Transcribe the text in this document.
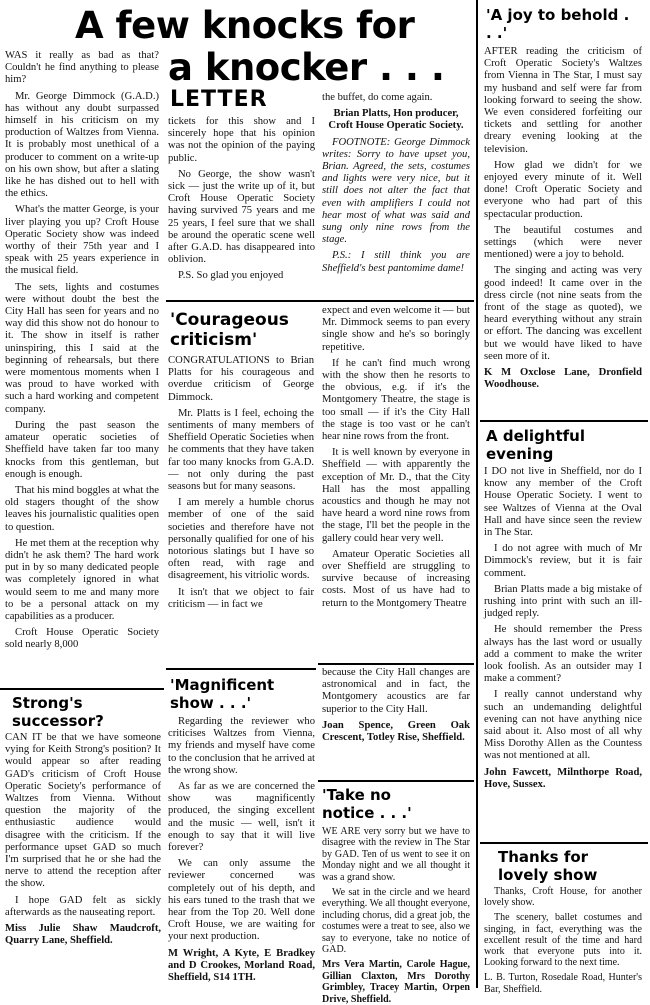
A few knocks for
a knocker . . .
LETTER

WAS it really as bad as that? Couldn't he find anything to please him?

Mr. George Dimmock (G.A.D.) has without any doubt surpassed himself in his criticism on my production of Waltzes from Vienna. It is probably most unethical of a producer to comment on a write-up on his own show, but after a slating like he has dished out to hell with the ethics.

What's the matter George, is your liver playing you up? Croft House Operatic Society show was indeed worthy of their 75th year and I speak with 25 years experience in the musical field.

The sets, lights and costumes were without doubt the best the City Hall has seen for years and no way did this show not do honour to it. The show in itself is rather uninspiring, this I said at the beginning of rehearsals, but there were momentous moments when I was proud to have worked with such a hard working and competent company.

During the past season the amateur operatic societies of Sheffield have taken far too many knocks from this gentleman, but enough is enough.

That his mind boggles at what the old stagers thought of the show leaves his journalistic qualities open to question.

He met them at the reception why didn't he ask them? The hard work put in by so many dedicated people was completely ignored in what would seem to me and many more to be a personal attack on my capabilities as a producer.

Croft House Operatic Society sold nearly 8,000

tickets for this show and I sincerely hope that his opinion was not the opinion of the paying public.

No George, the show wasn't sick — just the write up of it, but Croft House Operatic Society having survived 75 years and me 25 years, I feel sure that we shall be around the operatic scene well after G.A.D. has disappeared into oblivion.

P.S. So glad you enjoyed

the buffet, do come again.

Brian Platts, Hon producer, Croft House Operatic Society.

FOOTNOTE: George Dimmock writes: Sorry to have upset you, Brian. Agreed, the sets, costumes and lights were very nice, but it still does not alter the fact that even with amplifiers I could not hear most of what was said and sung only nine rows from the stage.

P.S.: I still think you are Sheffield's best pantomime dame!

'Courageous criticism'

CONGRATULATIONS to Brian Platts for his courageous and overdue criticism of George Dimmock.

Mr. Platts is I feel, echoing the sentiments of many members of Sheffield Operatic Societies when he comments that they have taken far too many knocks from G.A.D. — not only during the past seasons but for many seasons.

I am merely a humble chorus member of one of the said societies and therefore have not personally qualified for one of his notorious slatings but I have so often read, with rage and disagreement, his vitriolic words.

It isn't that we object to fair criticism — in fact we

expect and even welcome it — but Mr. Dimmock seems to pan every single show and he's so boringly repetitive.

If he can't find much wrong with the show then he resorts to the obvious, e.g. if it's the Montgomery Theatre, the stage is too small — if it's the City Hall the stage is too vast or he can't hear nine rows from the front.

It is well known by everyone in Sheffield — with apparently the exception of Mr. D., that the City Hall has the most appalling acoustics and though he may not have heard a word nine rows from the stage, I'll bet the people in the gallery could hear very well.

Amateur Operatic Societies all over Sheffield are struggling to survive because of increasing costs. Most of us have had to return to the Montgomery Theatre

because the City Hall changes are astronomical and in fact, the Montgomery acoustics are far superior to the City Hall.

Joan Spence, Green Oak Crescent, Totley Rise, Sheffield.

Strong's successor?

CAN IT be that we have someone vying for Keith Strong's position? It would appear so after reading GAD's criticism of Croft House Operatic Society's performance of Waltzes from Vienna. Without question the majority of the enthusiastic audience would disagree with the criticism. If the performance upset GAD so much I'm surprised that he or she had the nerve to attend the reception after the show.

I hope GAD felt as sickly afterwards as the nauseating report.

Miss Julie Shaw Maudcroft, Quarry Lane, Sheffield.

'Magnificent show . . .'

Regarding the reviewer who criticises Waltzes from Vienna, my friends and myself have come to the conclusion that he arrived at the wrong show.

As far as we are concerned the show was magnificently produced, the singing excellent and the music — well, isn't it enough to say that it will live forever?

We can only assume the reviewer concerned was completely out of his depth, and his ears tuned to the trash that we hear from the Top 20. Well done Croft House, we are waiting for your next production.

M Wright, A Kyte, E Bradkey and D Crookes, Morland Road, Sheffield, S14 1TH.

'Take no notice . . .'

WE ARE very sorry but we have to disagree with the review in The Star by GAD. Ten of us went to see it on Monday night and we all thought it was a grand show.

We sat in the circle and we heard everything. We all thought everyone, including chorus, did a great job, the costumes were a treat to see, also we say to everyone, take no notice of GAD.

Mrs Vera Martin, Carole Hague, Gillian Claxton, Mrs Dorothy Grimbley, Tracey Martin, Orpen Drive, Sheffield.

'A joy to behold . . .'

AFTER reading the criticism of Croft Operatic Society's Waltzes from Vienna in The Star, I must say my husband and self were far from looking forward to seeing the show. We even considered forfeiting our tickets and settling for another dreary evening looking at the television.

How glad we didn't for we enjoyed every minute of it. Well done! Croft Operatic Society and everyone who had part of this spectacular production.

The beautiful costumes and settings (which were never mentioned) were a joy to behold.

The singing and acting was very good indeed! It came over in the dress circle (not nine seats from the front of the stage as quoted), we heard everything without any strain or effort. The dancing was excellent but we would have liked to have seen more of it.

K M Oxclose Lane, Dronfield Woodhouse.

A delightful evening

I DO not live in Sheffield, nor do I know any member of the Croft House Operatic Society. I went to see Waltzes of Vienna at the Oval Hall and have since seen the review in The Star.

I do not agree with much of Mr Dimmock's review, but it is fair comment.

Brian Platts made a big mistake of rushing into print with such an ill-judged reply.

He should remember the Press always has the last word or usually add a comment to make the writer look foolish. As an outsider may I make a comment?

I really cannot understand why such an undemanding delightful evening can not have anything nice said about it. Also most of all why Miss Dorothy Allen as the Countess was not mentioned at all.

John Fawcett, Milnthorpe Road, Hove, Sussex.

Thanks for lovely show

Thanks, Croft House, for another lovely show.

The scenery, ballet costumes and singing, in fact, everything was the excellent result of the time and hard work that everyone puts into it. Looking forward to the next time.

L. B. Turton, Rosedale Road, Hunter's Bar, Sheffield.
